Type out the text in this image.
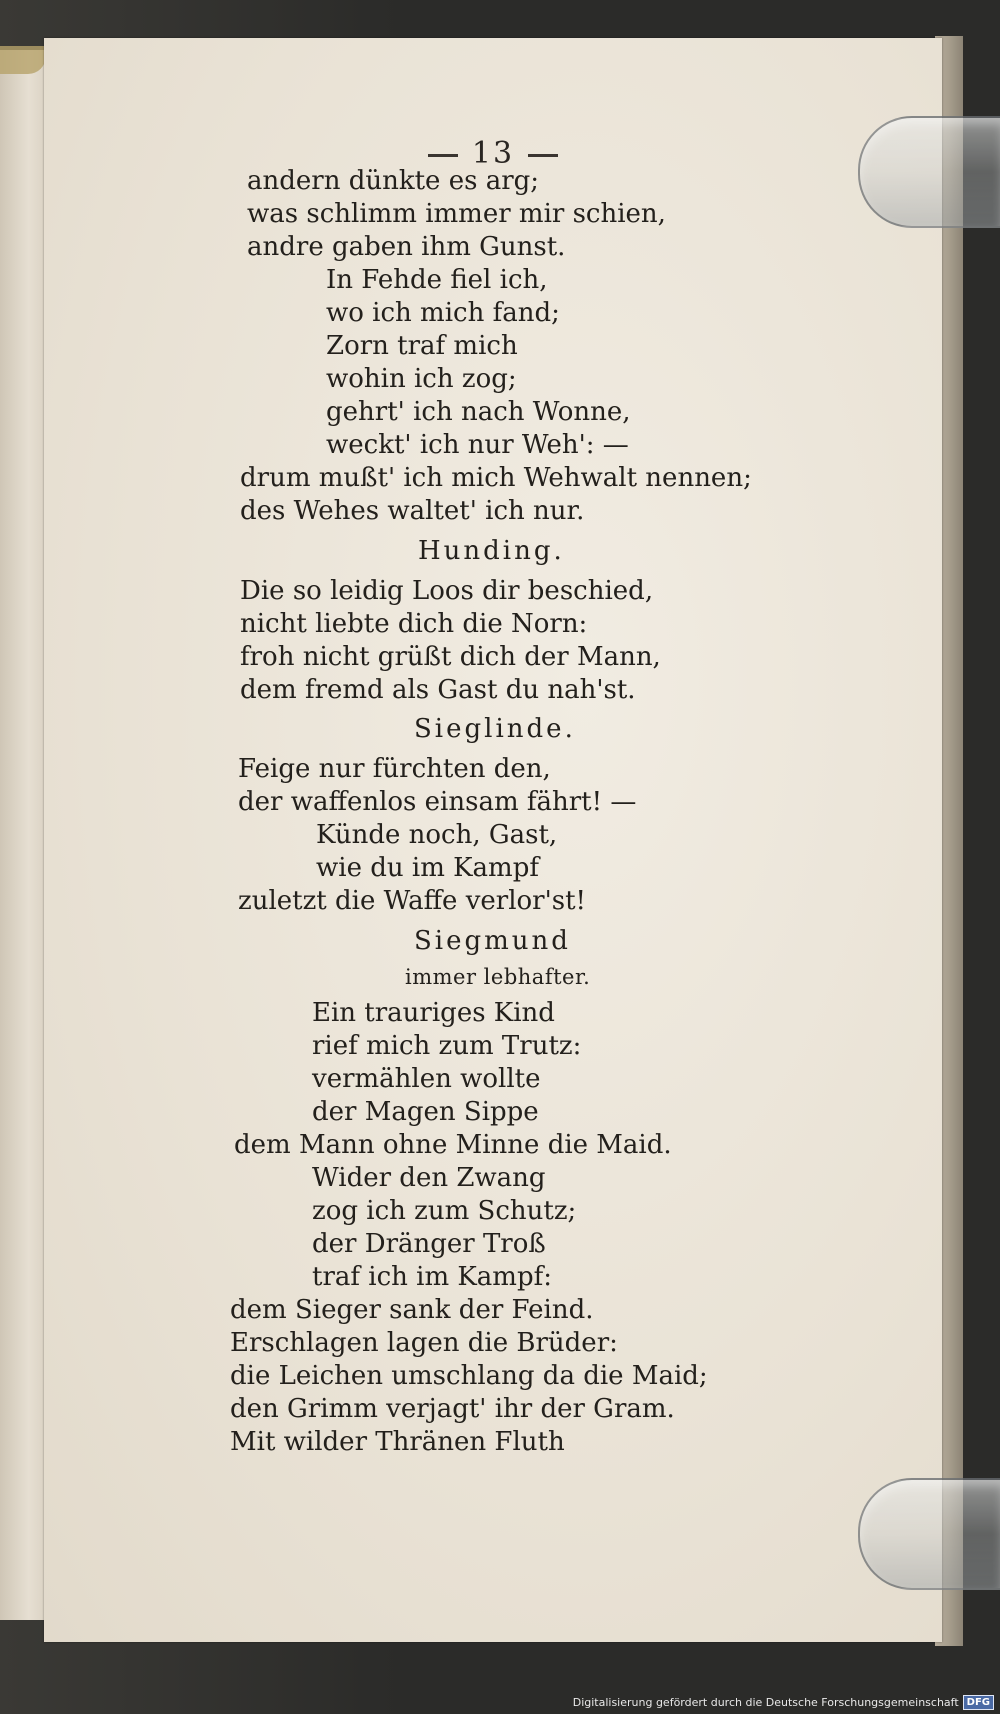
13
andern dünkte es arg;
was schlimm immer mir schien,
andre gaben ihm Gunst.
In Fehde fiel ich,
wo ich mich fand;
Zorn traf mich
wohin ich zog;
gehrt' ich nach Wonne,
weckt' ich nur Weh': —
drum mußt' ich mich Wehwalt nennen;
des Wehes waltet' ich nur.
Hunding.
Die so leidig Loos dir beschied,
nicht liebte dich die Norn:
froh nicht grüßt dich der Mann,
dem fremd als Gast du nah'st.
Sieglinde.
Feige nur fürchten den,
der waffenlos einsam fährt! —
Künde noch, Gast,
wie du im Kampf
zuletzt die Waffe verlor'st!
Siegmund
immer lebhafter.
Ein trauriges Kind
rief mich zum Trutz:
vermählen wollte
der Magen Sippe
dem Mann ohne Minne die Maid.
Wider den Zwang
zog ich zum Schutz;
der Dränger Troß
traf ich im Kampf:
dem Sieger sank der Feind.
Erschlagen lagen die Brüder:
die Leichen umschlang da die Maid;
den Grimm verjagt' ihr der Gram.
Mit wilder Thränen Fluth
Digitalisierung gefördert durch die Deutsche Forschungsgemeinschaft DFG
